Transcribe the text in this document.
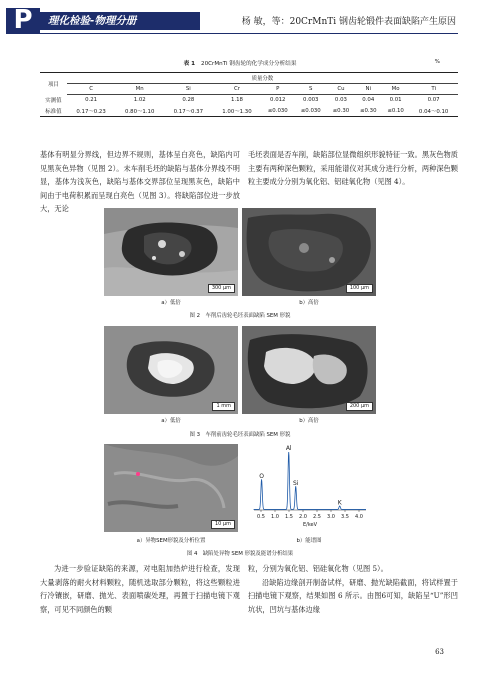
P	理化检验-物理分册	杨 敏，等：20CrMnTi 钢齿轮锻件表面缺陷产生原因
表 1 20CrMnTi 钢齿轮的化学成分分析结果	%
项目	质量分数									
	C	Mn	Si	Cr	P	S	Cu	Ni	Mo	Ti
实测值	0.21	1.02	0.28	1.18	0.012	0.003	0.03	0.04	0.01	0.07
标准值	0.17～0.23	0.80～1.10	0.17～0.37	1.00～1.30	≤0.030	≤0.030	≤0.30	≤0.30	≤0.10	0.04～0.10
基体有明显分界线，但边界不规则，基体呈白亮色，缺陷内可见黑灰色异物（见图 2）。未车削毛坯的缺陷与基体分界线不明显，基体为浅灰色，缺陷与基体交界部位呈现黑灰色，缺陷中间由于电荷积累而呈现白亮色（见图 3）。将缺陷部位进一步放大，无论
毛坯表面是否车削，缺陷部位显微组织形貌特征一致。黑灰色物质主要有两种深色颗粒，采用能谱仪对其成分进行分析，两种深色颗粒主要成分分别为氧化铝、铝硅氧化物（见图 4）。
300 μm	100 μm
a）低倍	b）高倍
图 2　车削后齿轮毛坯表面缺陷 SEM 形貌
1 mm	200 μm
a）低倍	b）高倍
图 3　车削前齿轮毛坯表面缺陷 SEM 形貌
10 μm
O
Al
Si
K
0.5 1.0 1.5 2.0 2.5 3.0 3.5 4.0
E/keV
a）异物SEM形貌及分析位置	b）能谱图
图 4　缺陷处异物 SEM 形貌及能谱分析结果
为进一步验证缺陷的来源，对电阻加热炉进行检查，发现大量剥落的耐火材料颗粒，随机选取部分颗粒，将这些颗粒进行冷镶嵌，研磨、抛光、表面喷碳处理，再置于扫描电镜下观察，可见不同颜色的颗
粒，分别为氧化铝、铝硅氧化物（见图 5）。
沿缺陷边缘剖开制备试样，研磨、抛光缺陷截面，将试样置于扫描电镜下观察，结果如图 6 所示。由图6可知，缺陷呈“U”形凹坑状，凹坑与基体边缘
63
